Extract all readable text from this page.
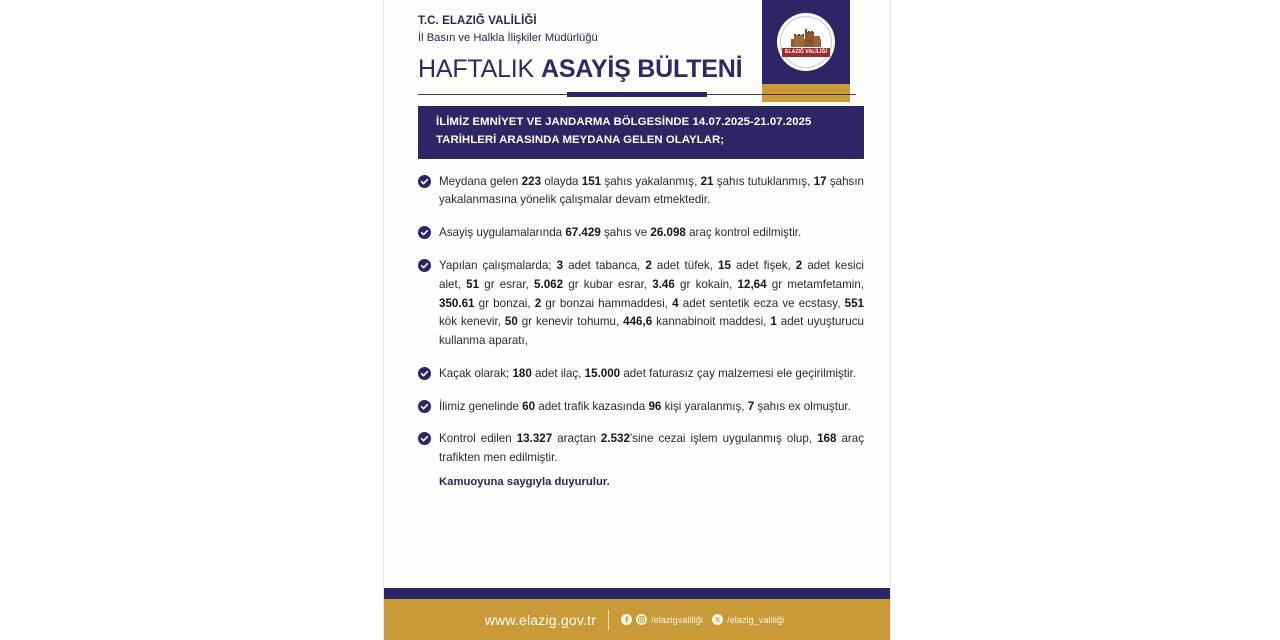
ELAZIĞ VALİLİĞİ
T.C. ELAZIĞ VALİLİĞİ
İl Basın ve Halkla İlişkiler Müdürlüğü
HAFTALIK ASAYİŞ BÜLTENİ
İLİMİZ EMNİYET VE JANDARMA BÖLGESİNDE 14.07.2025-21.07.2025
TARİHLERİ ARASINDA MEYDANA GELEN OLAYLAR;
Meydana gelen 223 olayda 151 şahıs yakalanmış, 21 şahıs tutuklanmış, 17 şahsın yakalanmasına yönelik çalışmalar devam etmektedir.
Asayiş uygulamalarında 67.429 şahıs ve 26.098 araç kontrol edilmiştir.
Yapılan çalışmalarda; 3 adet tabanca, 2 adet tüfek, 15 adet fişek, 2 adet kesici alet, 51 gr esrar, 5.062 gr kubar esrar, 3.46 gr kokain, 12,64 gr metamfetamin, 350.61 gr bonzai, 2 gr bonzai hammaddesi, 4 adet sentetik ecza ve ecstasy, 551 kök kenevir, 50 gr kenevir tohumu, 446,6 kannabinoit maddesi, 1 adet uyuşturucu kullanma aparatı,
Kaçak olarak; 180 adet ilaç, 15.000 adet faturasız çay malzemesi ele geçirilmiştir.
İlimiz genelinde 60 adet trafik kazasında 96 kişi yaralanmış, 7 şahıs ex olmuştur.
Kontrol edilen 13.327 araçtan 2.532'sine cezai işlem uygulanmış olup, 168 araç trafikten men edilmiştir.
Kamuoyuna saygıyla duyurulur.
www.elazig.gov.tr	/elazigvaliliği	/elazig_valiliği
